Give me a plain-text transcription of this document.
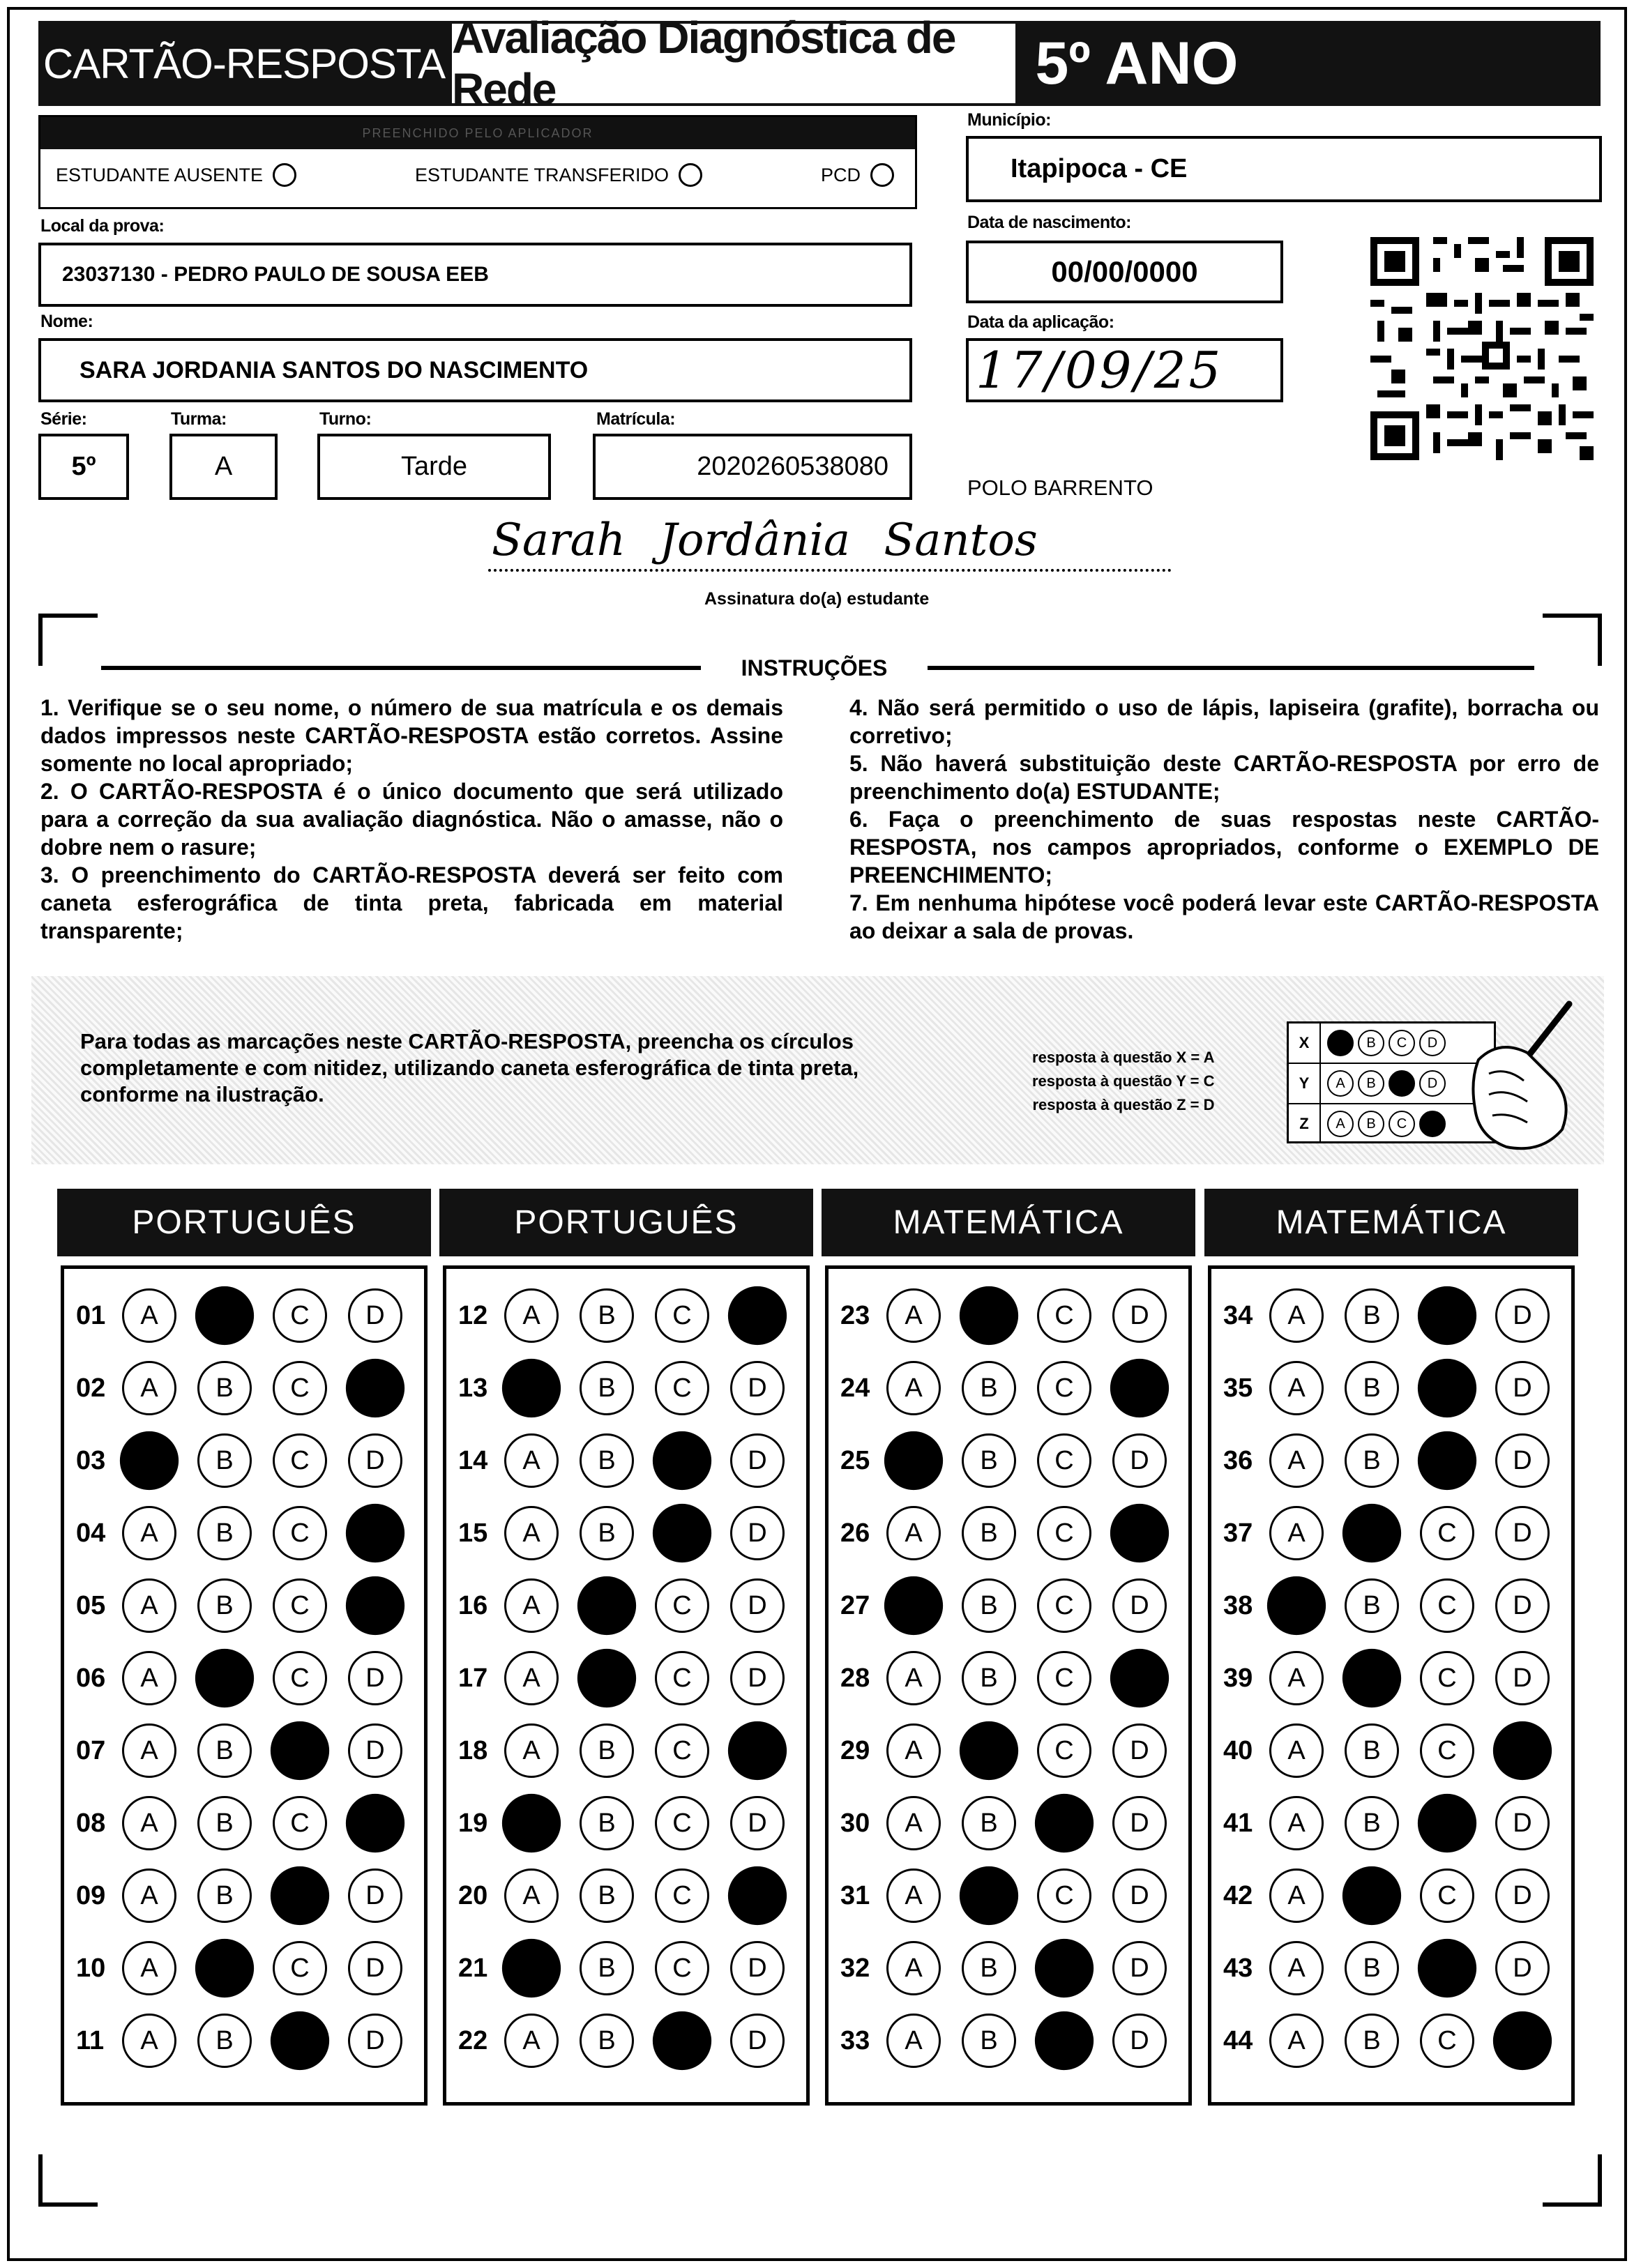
CARTÃO-RESPOSTA
Avaliação Diagnóstica de Rede	5º ANO
PREENCHIDO PELO APLICADOR
ESTUDANTE AUSENTE	ESTUDANTE TRANSFERIDO	PCD
Município:
Itapipoca - CE
Local da prova:
23037130 - PEDRO PAULO DE SOUSA EEB
Data de nascimento:
00/00/0000
Data da aplicação:
17/09/25
Nome:
SARA JORDANIA SANTOS DO NASCIMENTO
Série:
5º
Turma:
A
Turno:
Tarde
Matrícula:
2020260538080
POLO BARRENTO
Sarah Jordânia Santos
Assinatura do(a) estudante
INSTRUÇÕES

1. Verifique se o seu nome, o número de sua matrícula e os demais dados impressos neste CARTÃO-RESPOSTA estão corretos. Assine somente no local apropriado;

2. O CARTÃO-RESPOSTA é o único documento que será utilizado para a correção da sua avaliação diagnóstica. Não o amasse, não o dobre nem o rasure;

3. O preenchimento do CARTÃO-RESPOSTA deverá ser feito com caneta esferográfica de tinta preta, fabricada em material transparente;

4. Não será permitido o uso de lápis, lapiseira (grafite), borracha ou corretivo;

5. Não haverá substituição deste CARTÃO-RESPOSTA por erro de preenchimento do(a) ESTUDANTE;

6. Faça o preenchimento de suas respostas neste CARTÃO-RESPOSTA, nos campos apropriados, conforme o EXEMPLO DE PREENCHIMENTO;

7. Em nenhuma hipótese você poderá levar este CARTÃO-RESPOSTA ao deixar a sala de provas.

Para todas as marcações neste CARTÃO-RESPOSTA, preencha os círculos completamente e com nitidez, utilizando caneta esferográfica de tinta preta, conforme na ilustração.
resposta à questão X = A
resposta à questão Y = C
resposta à questão Z = D
X	A	B	C	D
Y	A	B	C	D
Z	A	B	C	D
PORTUGUÊS
01	A	B	C	D
02	A	B	C	D
03	A	B	C	D
04	A	B	C	D
05	A	B	C	D
06	A	B	C	D
07	A	B	C	D
08	A	B	C	D
09	A	B	C	D
10	A	B	C	D
11	A	B	C	D
PORTUGUÊS
12	A	B	C	D
13	A	B	C	D
14	A	B	C	D
15	A	B	C	D
16	A	B	C	D
17	A	B	C	D
18	A	B	C	D
19	A	B	C	D
20	A	B	C	D
21	A	B	C	D
22	A	B	C	D
MATEMÁTICA
23	A	B	C	D
24	A	B	C	D
25	A	B	C	D
26	A	B	C	D
27	A	B	C	D
28	A	B	C	D
29	A	B	C	D
30	A	B	C	D
31	A	B	C	D
32	A	B	C	D
33	A	B	C	D
MATEMÁTICA
34	A	B	C	D
35	A	B	C	D
36	A	B	C	D
37	A	B	C	D
38	A	B	C	D
39	A	B	C	D
40	A	B	C	D
41	A	B	C	D
42	A	B	C	D
43	A	B	C	D
44	A	B	C	D
